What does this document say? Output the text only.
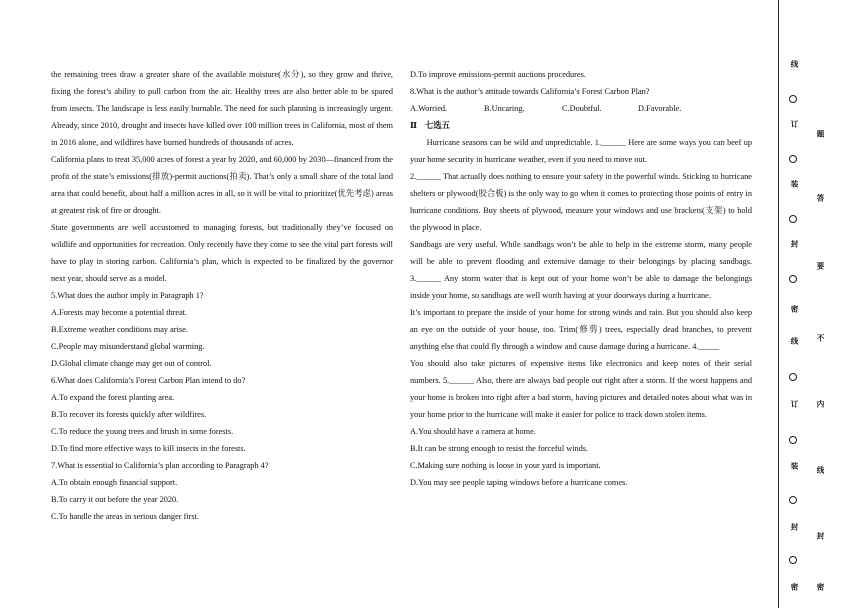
the remaining trees draw a greater share of the available moisture(水分), so they grow and thrive, fixing the forest’s ability to pull carbon from the air. Healthy trees are also better able to be spared from insects. The landscape is less easily burnable. The need for such planning is increasingly urgent. Already, since 2010, drought and insects have killed over 100 million trees in California, most of them in 2016 alone, and wildfires have burned hundreds of thousands of acres.

California plans to treat 35,000 acres of forest a year by 2020, and 60,000 by 2030—financed from the profit of the state’s emissions(排放)-permit auctions(拍卖). That’s only a small share of the total land area that could benefit, about half a million acres in all, so it will be vital to prioritize(优先考虑) areas at greatest risk of fire or drought.

State governments are well accustomed to managing forests, but traditionally they’ve focused on wildlife and opportunities for recreation. Only recently have they come to see the vital part forests will have to play in storing carbon. California’s plan, which is expected to be finalized by the governor next year, should serve as a model.

5.What does the author imply in Paragraph 1?

A.Forests may become a potential threat.

B.Extreme weather conditions may arise.

C.People may misunderstand global warming.

D.Global climate change may get out of control.

6.What does California’s Forest Carbon Plan intend to do?

A.To expand the forest planting area.

B.To recover its forests quickly after wildfires.

C.To reduce the young trees and brush in some forests.

D.To find more effective ways to kill insects in the forests.

7.What is essential to California’s plan according to Paragraph 4?

A.To obtain enough financial support.

B.To carry it out before the year 2020.

C.To handle the areas in serious danger first.

D.To improve emissions-permit auctions procedures.

8.What is the author’s attitude towards California’s Forest Carbon Plan?

A.Worried.	B.Uncaring.	C.Doubtful.	D.Favorable.

Ⅱ 七选五

Hurricane seasons can be wild and unpredictable. 1.______ Here are some ways you can beef up your home security in hurricane weather, even if you need to move out.

2.______ That actually does nothing to ensure your safety in the powerful winds. Sticking to hurricane shelters or plywood(胶合板) is the only way to go when it comes to protecting those points of entry in hurricane conditions. Buy sheets of plywood, measure your windows and use brackets(支架) to hold the plywood in place.

Sandbags are very useful. While sandbags won’t be able to help in the extreme storm, many people will be able to prevent flooding and extensive damage to their belongings by placing sandbags. 3.______ Any storm water that is kept out of your home won’t be able to damage the belongings inside your home, so sandbags are well worth having at your doorways during a hurricane.

It’s important to prepare the inside of your home for strong winds and rain. But you should also keep an eye on the outside of your house, too. Trim(修剪) trees, especially dead branches, to prevent anything else that could fly through a window and cause damage during a hurricane. 4._____

You should also take pictures of expensive items like electronics and keep notes of their serial numbers. 5.______ Also, there are always bad people out right after a storm. If the worst happens and your home is broken into right after a bad storm, having pictures and detailed notes about what was in your home prior to the hurricane will make it easier for police to track down stolen items.

A.You should have a camera at home.

B.It can be strong enough to resist the forceful winds.

C.Making sure nothing is loose in your yard is important.

D.You may see people taping windows before a hurricane comes.

线
订
装
封
密
线
订
装
封
密
题
答
要
不
内
线
封
密
